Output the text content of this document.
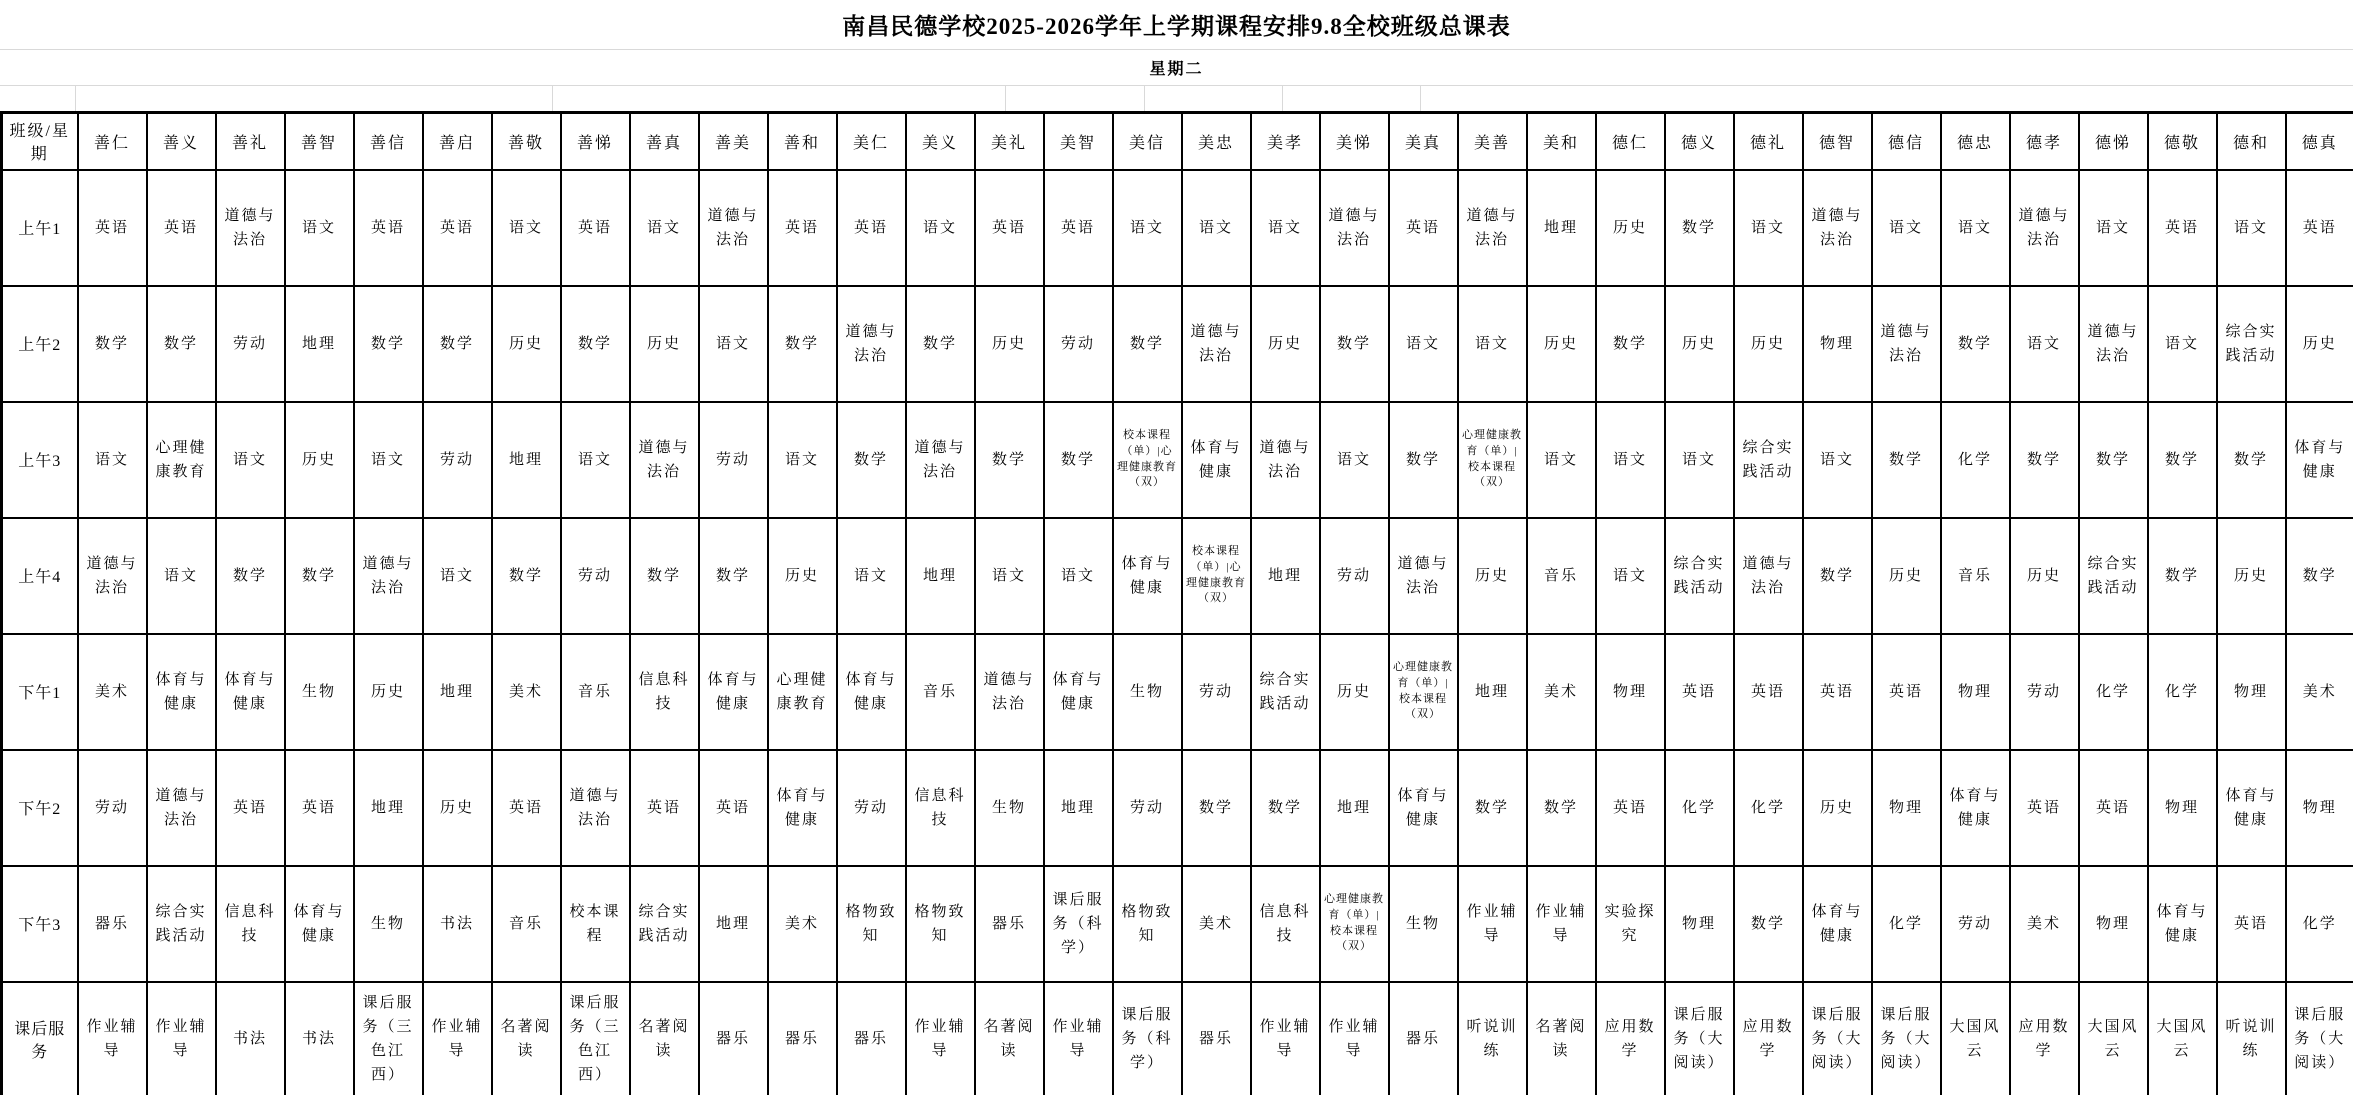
南昌民德学校2025-2026学年上学期课程安排9.8全校班级总课表
星期二
班级/星期	善仁	善义	善礼	善智	善信	善启	善敬	善悌	善真	善美	善和	美仁	美义	美礼	美智	美信	美忠	美孝	美悌	美真	美善	美和	德仁	德义	德礼	德智	德信	德忠	德孝	德悌	德敬	德和	德真
上午1	英语	英语	道德与法治	语文	英语	英语	语文	英语	语文	道德与法治	英语	英语	语文	英语	英语	语文	语文	语文	道德与法治	英语	道德与法治	地理	历史	数学	语文	道德与法治	语文	语文	道德与法治	语文	英语	语文	英语
上午2	数学	数学	劳动	地理	数学	数学	历史	数学	历史	语文	数学	道德与法治	数学	历史	劳动	数学	道德与法治	历史	数学	语文	语文	历史	数学	历史	历史	物理	道德与法治	数学	语文	道德与法治	语文	综合实践活动	历史
上午3	语文	心理健康教育	语文	历史	语文	劳动	地理	语文	道德与法治	劳动	语文	数学	道德与法治	数学	数学	校本课程（单）|心理健康教育（双）	体育与健康	道德与法治	语文	数学	心理健康教育（单）|校本课程（双）	语文	语文	语文	综合实践活动	语文	数学	化学	数学	数学	数学	数学	体育与健康
上午4	道德与法治	语文	数学	数学	道德与法治	语文	数学	劳动	数学	数学	历史	语文	地理	语文	语文	体育与健康	校本课程（单）|心理健康教育（双）	地理	劳动	道德与法治	历史	音乐	语文	综合实践活动	道德与法治	数学	历史	音乐	历史	综合实践活动	数学	历史	数学
下午1	美术	体育与健康	体育与健康	生物	历史	地理	美术	音乐	信息科技	体育与健康	心理健康教育	体育与健康	音乐	道德与法治	体育与健康	生物	劳动	综合实践活动	历史	心理健康教育（单）|校本课程（双）	地理	美术	物理	英语	英语	英语	英语	物理	劳动	化学	化学	物理	美术
下午2	劳动	道德与法治	英语	英语	地理	历史	英语	道德与法治	英语	英语	体育与健康	劳动	信息科技	生物	地理	劳动	数学	数学	地理	体育与健康	数学	数学	英语	化学	化学	历史	物理	体育与健康	英语	英语	物理	体育与健康	物理
下午3	器乐	综合实践活动	信息科技	体育与健康	生物	书法	音乐	校本课程	综合实践活动	地理	美术	格物致知	格物致知	器乐	课后服务（科学）	格物致知	美术	信息科技	心理健康教育（单）|校本课程（双）	生物	作业辅导	作业辅导	实验探究	物理	数学	体育与健康	化学	劳动	美术	物理	体育与健康	英语	化学
课后服务	作业辅导	作业辅导	书法	书法	课后服务（三色江西）	作业辅导	名著阅读	课后服务（三色江西）	名著阅读	器乐	器乐	器乐	作业辅导	名著阅读	作业辅导	课后服务（科学）	器乐	作业辅导	作业辅导	器乐	听说训练	名著阅读	应用数学	课后服务（大阅读）	应用数学	课后服务（大阅读）	课后服务（大阅读）	大国风云	应用数学	大国风云	大国风云	听说训练	课后服务（大阅读）
